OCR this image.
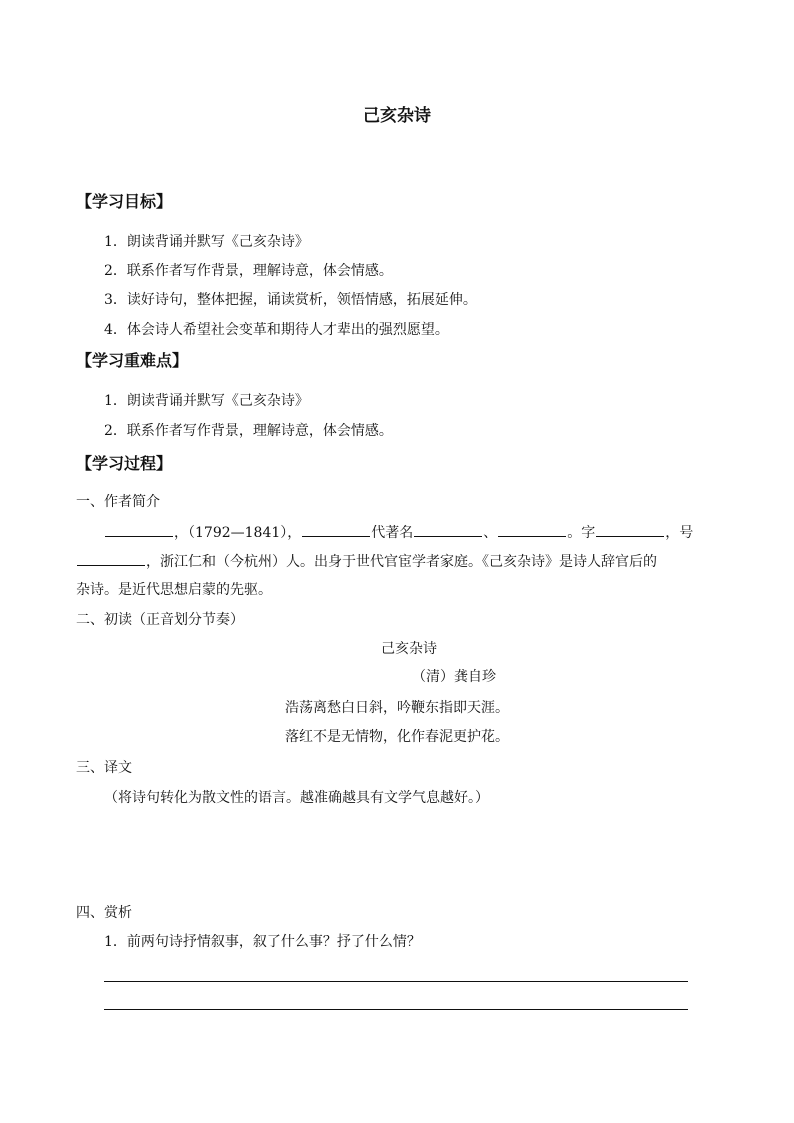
己亥杂诗
【学习目标】
1．朗读背诵并默写《己亥杂诗》
2．联系作者写作背景，理解诗意，体会情感。
3．读好诗句，整体把握，诵读赏析，领悟情感，拓展延伸。
4．体会诗人希望社会变革和期待人才辈出的强烈愿望。
【学习重难点】
1．朗读背诵并默写《己亥杂诗》
2．联系作者写作背景，理解诗意，体会情感。
【学习过程】
一、作者简介
，（1792—1841），	代著名	、	。字	，号
，浙江仁和（今杭州）人。出身于世代官宦学者家庭。《己亥杂诗》是诗人辞官后的
杂诗。是近代思想启蒙的先驱。
二、初读（正音划分节奏）
己亥杂诗
（清）龚自珍
浩荡离愁白日斜，吟鞭东指即天涯。
落红不是无情物，化作春泥更护花。
三、译文
（将诗句转化为散文性的语言。越准确越具有文学气息越好。）
四、赏析
1．前两句诗抒情叙事，叙了什么事？抒了什么情？
